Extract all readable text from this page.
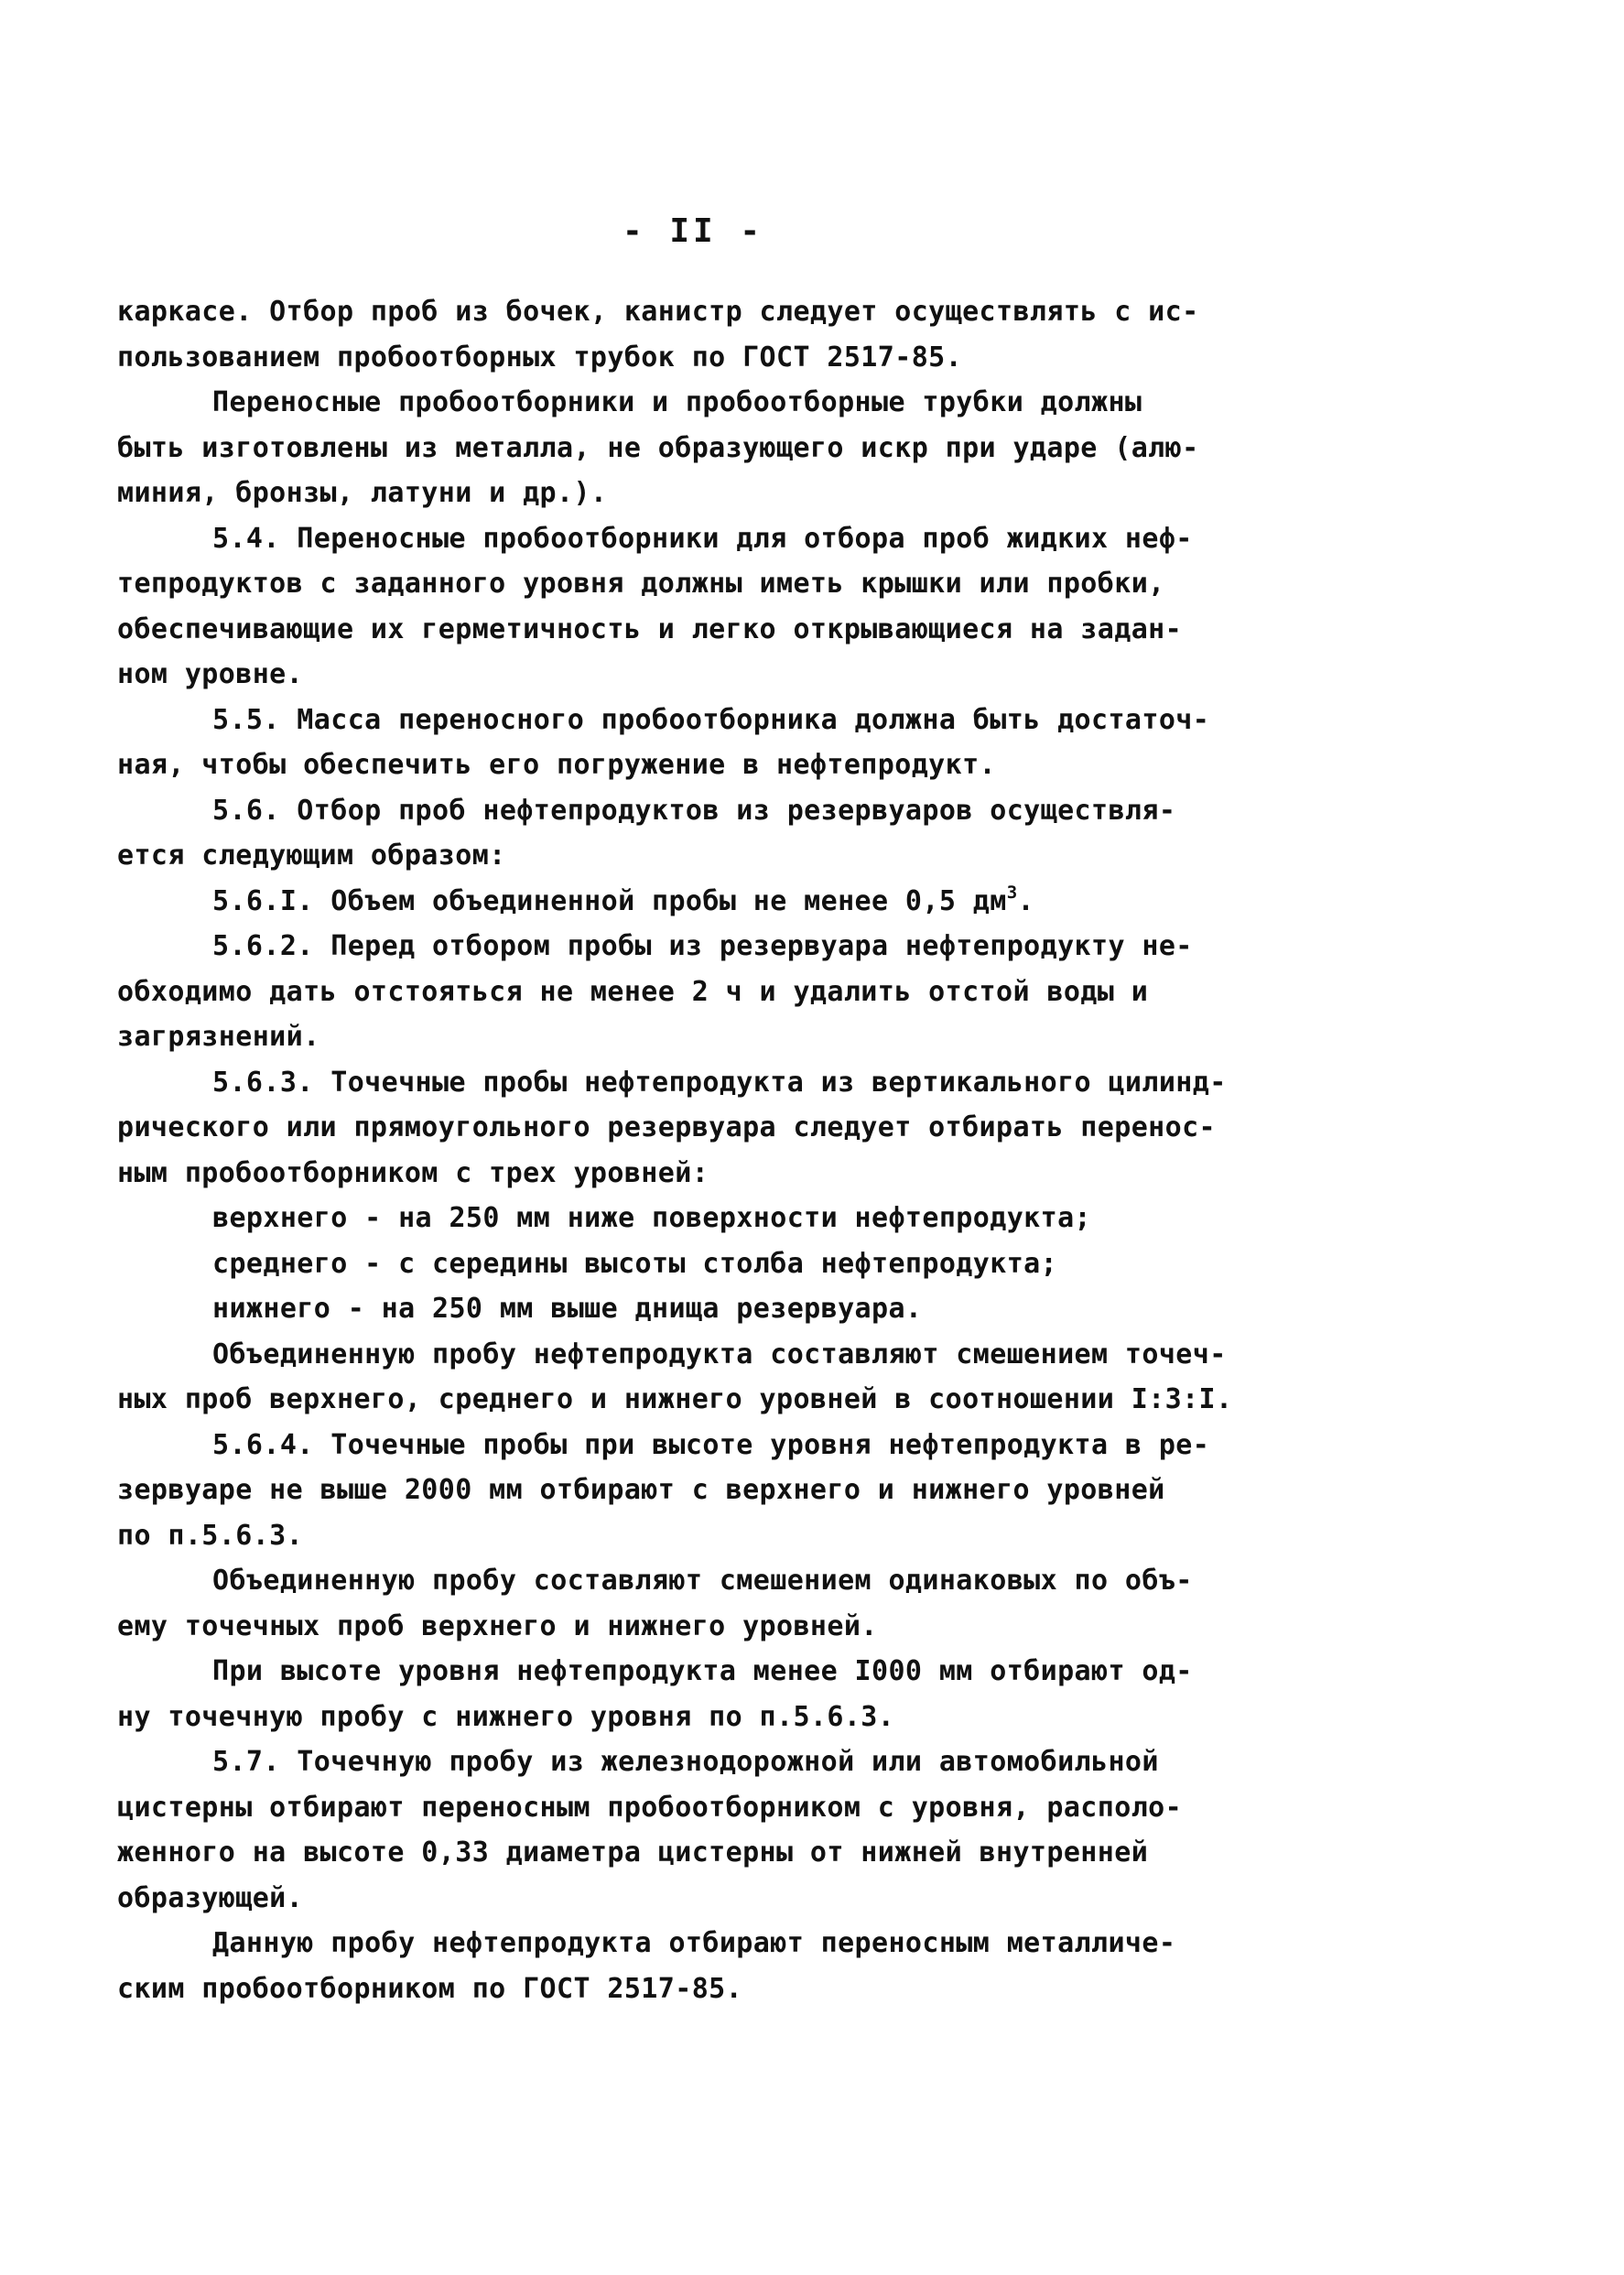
- II -
каркасе. Отбор проб из бочек, канистр следует осуществлять с ис-
пользованием пробоотборных трубок по ГОСТ 2517-85.
Переносные пробоотборники и пробоотборные трубки должны
быть изготовлены из металла, не образующего искр при ударе (алю-
миния, бронзы, латуни и др.).
5.4. Переносные пробоотборники для отбора проб жидких неф-
тепродуктов с заданного уровня должны иметь крышки или пробки,
обеспечивающие их герметичность и легко открывающиеся на задан-
ном уровне.
5.5. Масса переносного пробоотборника должна быть достаточ-
ная, чтобы обеспечить его погружение в нефтепродукт.
5.6. Отбор проб нефтепродуктов из резервуаров осуществля-
ется следующим образом:
5.6.I. Объем объединенной пробы не менее 0,5 $дм^3$.
5.6.2. Перед отбором пробы из резервуара нефтепродукту не-
обходимо дать отстояться не менее 2 ч и удалить отстой воды и
загрязнений.
5.6.3. Точечные пробы нефтепродукта из вертикального цилинд-
рического или прямоугольного резервуара следует отбирать перенос-
ным пробоотборником с трех уровней:
верхнего - на 250 мм ниже поверхности нефтепродукта;
среднего - с середины высоты столба нефтепродукта;
нижнего - на 250 мм выше днища резервуара.
Объединенную пробу нефтепродукта составляют смешением точеч-
ных проб верхнего, среднего и нижнего уровней в соотношении I:3:I.
5.6.4. Точечные пробы при высоте уровня нефтепродукта в ре-
зервуаре не выше 2000 мм отбирают с верхнего и нижнего уровней
по п.5.6.3.
Объединенную пробу составляют смешением одинаковых по объ-
ему точечных проб верхнего и нижнего уровней.
При высоте уровня нефтепродукта менее I000 мм отбирают од-
ну точечную пробу с нижнего уровня по п.5.6.3.
5.7. Точечную пробу из железнодорожной или автомобильной
цистерны отбирают переносным пробоотборником с уровня, располо-
женного на высоте 0,33 диаметра цистерны от нижней внутренней
образующей.
Данную пробу нефтепродукта отбирают переносным металличе-
ским пробоотборником по ГОСТ 2517-85.
